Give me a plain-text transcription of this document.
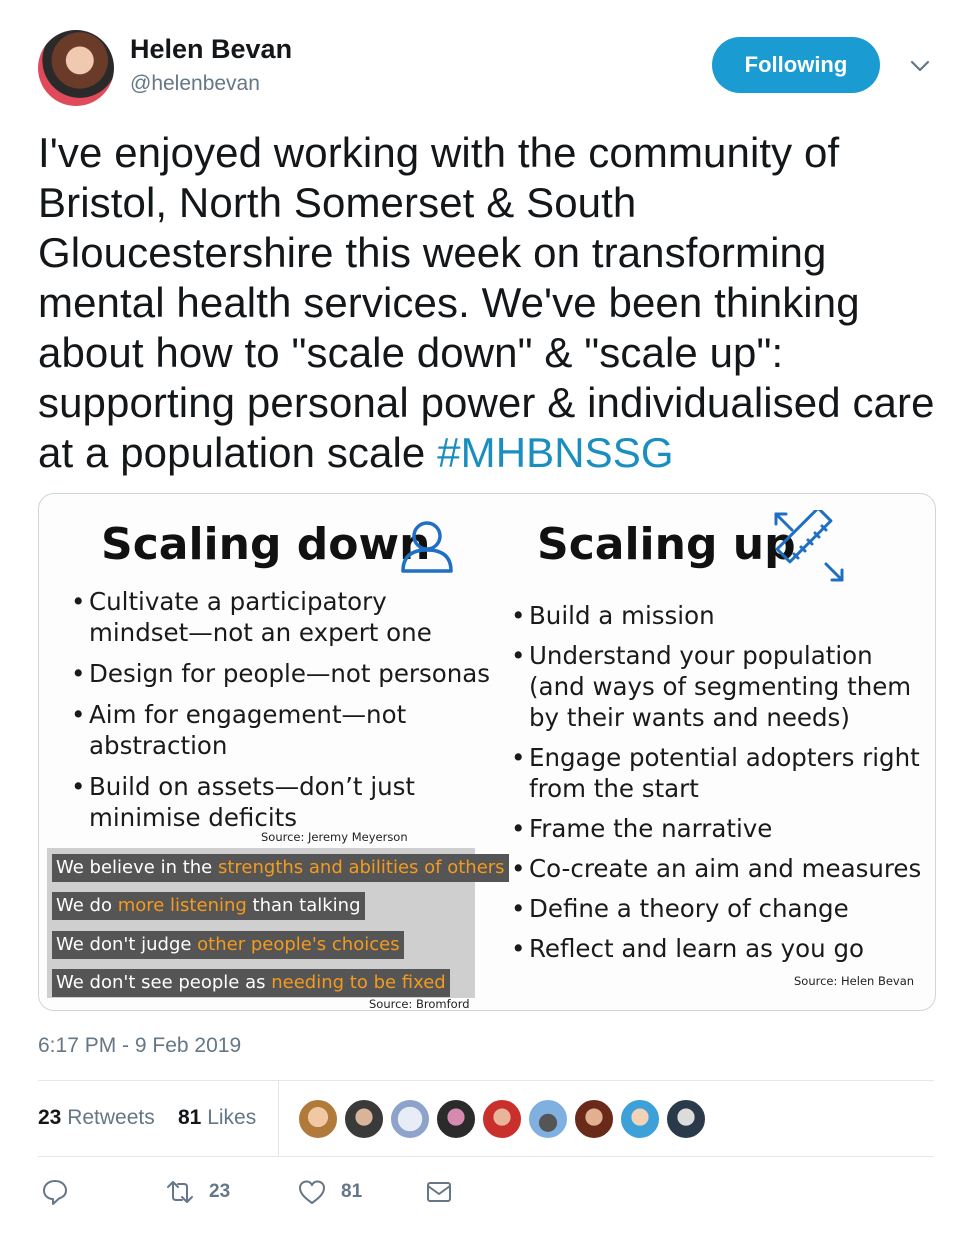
Helen Bevan
@helenbevan
Following
I've enjoyed working with the community of Bristol, North Somerset & South Gloucestershire this week on transforming mental health services. We've been thinking about how to "scale down" & "scale up": supporting personal power & individualised care at a population scale #MHBNSSG
Scaling down
• Cultivate a participatory mindset—not an expert one
• Design for people—not personas
• Aim for engagement—not abstraction
• Build on assets—don’t just minimise deficits
Source: Jeremy Meyerson
We believe in the strengths and abilities of others
We do more listening than talking
We don't judge other people's choices
We don't see people as needing to be fixed
Source: Bromford
Scaling up
• Build a mission
• Understand your population (and ways of segmenting them by their wants and needs)
• Engage potential adopters right from the start
• Frame the narrative
• Co-create an aim and measures
• Define a theory of change
• Reflect and learn as you go
Source: Helen Bevan
6:17 PM - 9 Feb 2019
23 Retweets 81 Likes
23	81
